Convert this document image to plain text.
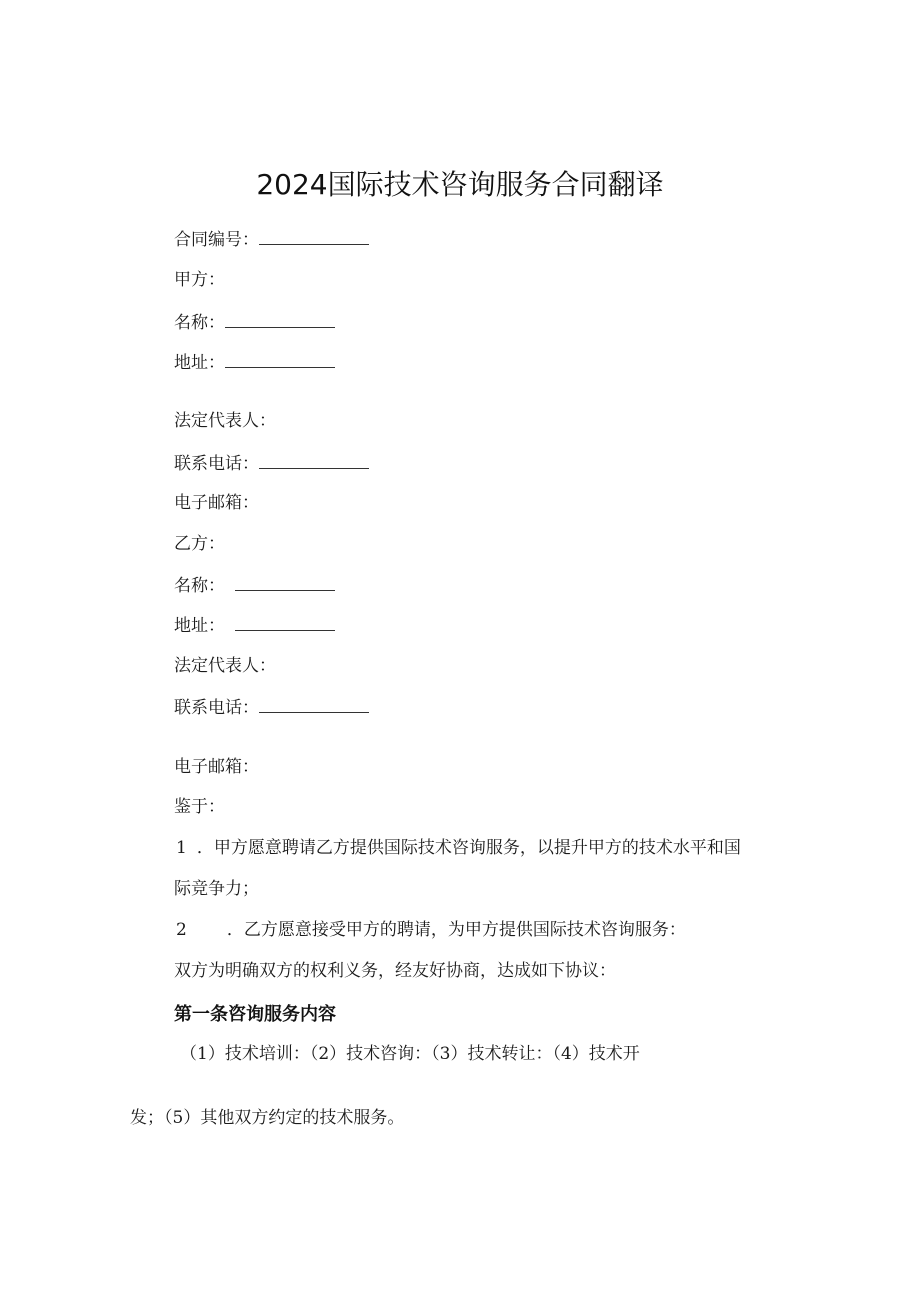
2024国际技术咨询服务合同翻译
合同编号：
甲方：
名称：
地址：
法定代表人：
联系电话：
电子邮箱：
乙方：
名称：
地址：
法定代表人：
联系电话：
电子邮箱：
鉴于：
1 ．甲方愿意聘请乙方提供国际技术咨询服务，以提升甲方的技术水平和国
际竞争力；
2 ．乙方愿意接受甲方的聘请，为甲方提供国际技术咨询服务：
双方为明确双方的权利义务，经友好协商，达成如下协议：
第一条咨询服务内容
（1）技术培训：（2）技术咨询：（3）技术转让：（4）技术开
发；（5）其他双方约定的技术服务。
